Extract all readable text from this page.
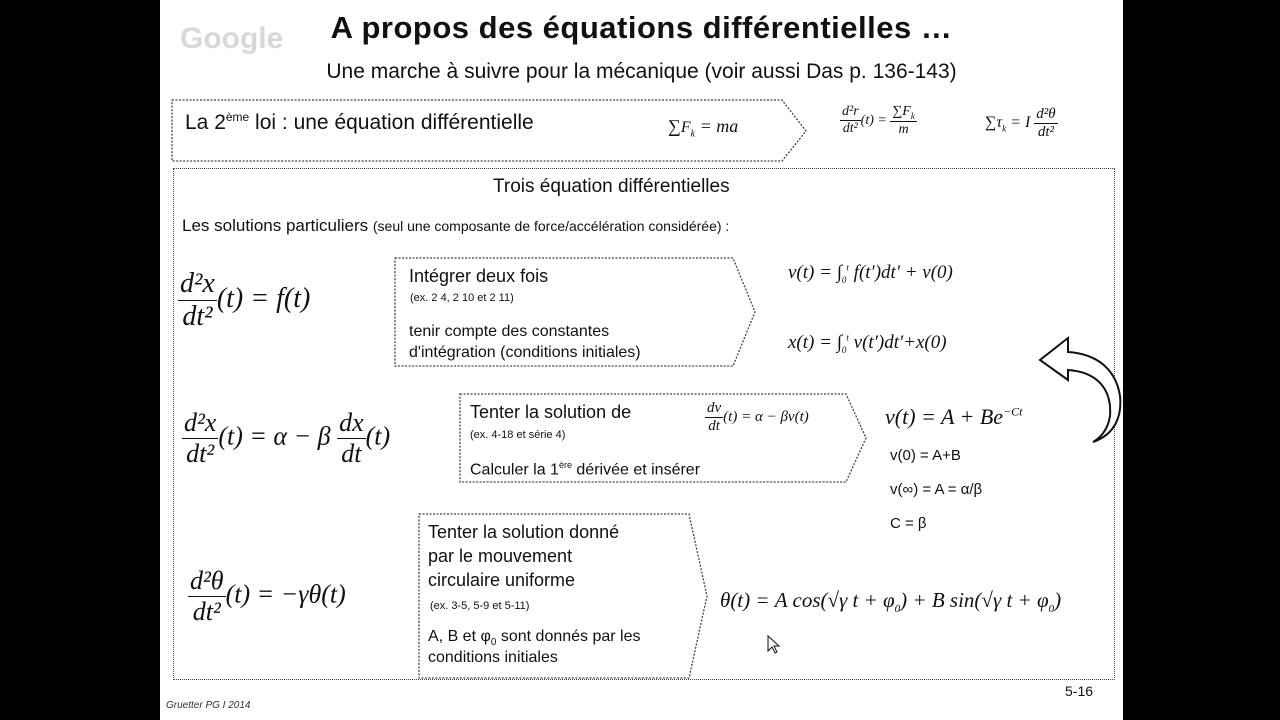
Google	A propos des équations différentielles …
Une marche à suivre pour la mécanique (voir aussi Das p. 136-143)
La 2ème loi : une équation différentielle	$\sum F_k$ = ma	$\frac{\text{d²r}}{\text{dt²}} (t) = \frac{\sum F_k}{m}$	$\sum\tau_k = I \frac{\text{d²θ}}{\text{dt²}}$
Trois équation différentielles
Les solutions particuliers (seul une composante de force/accélération considérée) :
$\frac{\text{d²x}}{\text{dt²}} (t) = f(t)$
Intégrer deux fois
(ex. 2 4, 2 10 et 2 11)
tenir compte des constantes
d'intégration (conditions initiales)
$v(t) = \int_0^t$ f(t′)dt′ + v(0)
$x(t) = \int_0^t$ v(t′)dt′+x(0)
$\frac{\text{d²x}}{\text{dt²}} (t) = \alpha - \beta \frac{dx}{dt} (t)$
Tenter la solution de
(ex. 4-18 et série 4)
Calculer la 1ère dérivée et insérer
$\frac{dv}{dt} (t) = \alpha - \beta v(t)$	$v(t) = A + Be^{-Ct}$
v(0) = A+B
v(∞) = A = α/β
C = β
$\frac{\text{d²θ}}{\text{dt²}} (t) = -\gamma\theta(t)$
Tenter la solution donné
par le mouvement
circulaire uniforme
(ex. 3-5, 5-9 et 5-11)
A, B et $\varphi_0$ sont donnés par les
conditions initiales
θ(t) = A cos(√γ $t + \varphi_0) + B$ sin(√γ $t + \varphi_0$)
Gruetter PG I 2014
5-16
